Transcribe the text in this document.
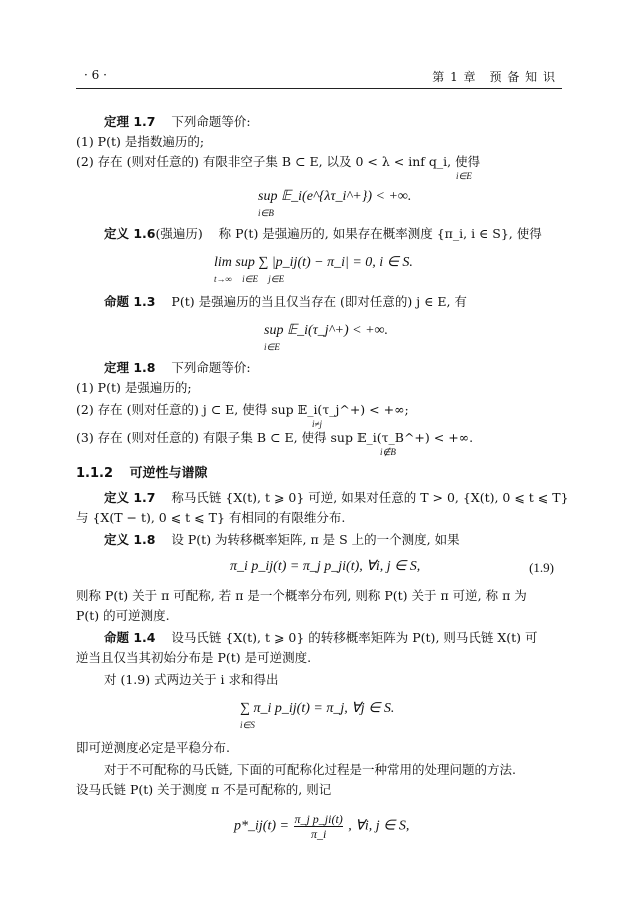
· 6 ·	第 1 章　预 备 知 识
定理 1.7 下列命题等价:
(1) P(t) 是指数遍历的;
(2) 存在 (则对任意的) 有限非空子集 B ⊂ E, 以及 0 < λ < inf q_i, 使得
i∈E
sup 𝔼_i(e^{λτ_i^+}) < +∞.
i∈B
定义 1.6(强遍历) 称 P(t) 是强遍历的, 如果存在概率测度 {π_i, i ∈ S}, 使得
lim sup ∑ |p_ij(t) − π_i| = 0, i ∈ S.
t→∞ i∈E j∈E
命题 1.3 P(t) 是强遍历的当且仅当存在 (即对任意的) j ∈ E, 有
sup 𝔼_i(τ_j^+) < +∞.
i∈E
定理 1.8 下列命题等价:
(1) P(t) 是强遍历的;
(2) 存在 (则对任意的) j ⊂ E, 使得 sup 𝔼_i(τ_j^+) < +∞;
i≠j
(3) 存在 (则对任意的) 有限子集 B ⊂ E, 使得 sup 𝔼_i(τ_B^+) < +∞.
i∉B
1.1.2 可逆性与谱隙
定义 1.7 称马氏链 {X(t), t ⩾ 0} 可逆, 如果对任意的 T > 0, {X(t), 0 ⩽ t ⩽ T}
与 {X(T − t), 0 ⩽ t ⩽ T} 有相同的有限维分布.
定义 1.8 设 P(t) 为转移概率矩阵, π 是 S 上的一个测度, 如果
π_i p_ij(t) = π_j p_ji(t), ∀i, j ∈ S,	(1.9)
则称 P(t) 关于 π 可配称, 若 π 是一个概率分布列, 则称 P(t) 关于 π 可逆, 称 π 为
P(t) 的可逆测度.
命题 1.4 设马氏链 {X(t), t ⩾ 0} 的转移概率矩阵为 P(t), 则马氏链 X(t) 可
逆当且仅当其初始分布是 P(t) 是可逆测度.
对 (1.9) 式两边关于 i 求和得出
∑ π_i p_ij(t) = π_j, ∀j ∈ S.
i∈S
即可逆测度必定是平稳分布.
对于不可配称的马氏链, 下面的可配称化过程是一种常用的处理问题的方法.
设马氏链 P(t) 关于测度 π 不是可配称的, 则记
p*_ij(t) = $\frac{\text{π\_j p\_ji(t)}}{\pi\_i}$ , ∀i, j ∈ S,
